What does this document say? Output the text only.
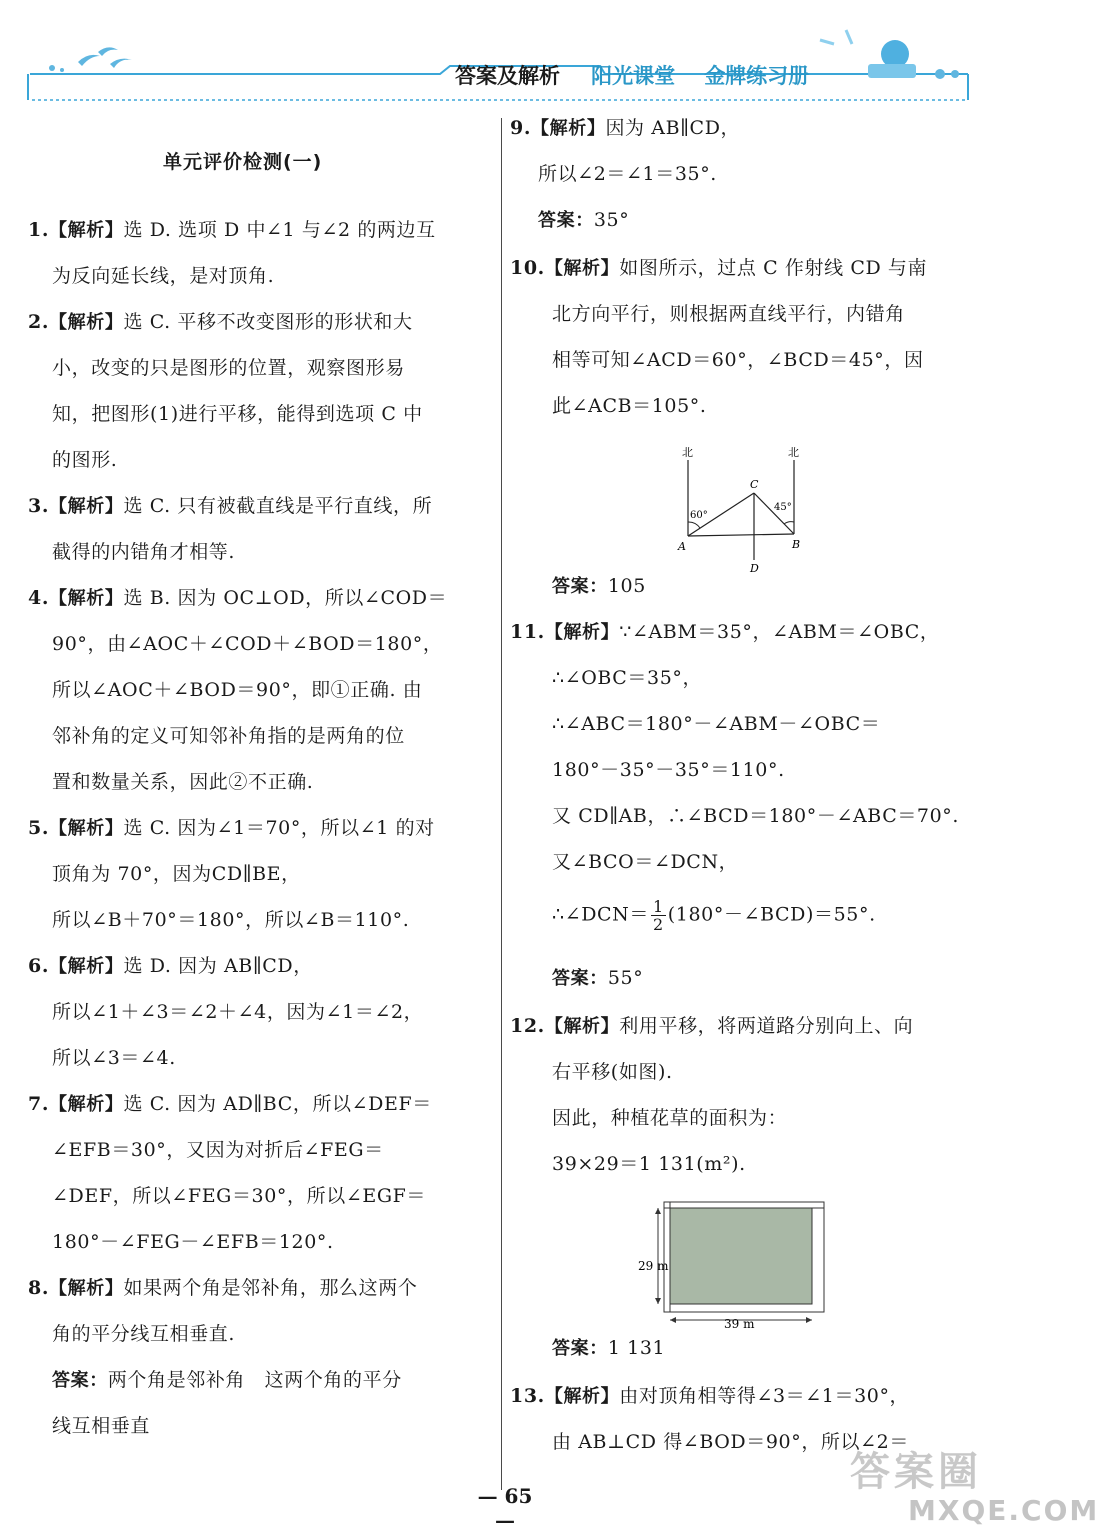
答案及解析 阳光课堂 金牌练习册
单元评价检测(一)
1.【解析】选 D. 选项 D 中∠1 与∠2 的两边互
为反向延长线，是对顶角.
2.【解析】选 C. 平移不改变图形的形状和大
小，改变的只是图形的位置，观察图形易
知，把图形(1)进行平移，能得到选项 C 中
的图形.
3.【解析】选 C. 只有被截直线是平行直线，所
截得的内错角才相等.
4.【解析】选 B. 因为 OC⊥OD，所以∠COD＝
90°，由∠AOC＋∠COD＋∠BOD＝180°，
所以∠AOC＋∠BOD＝90°，即①正确. 由
邻补角的定义可知邻补角指的是两角的位
置和数量关系，因此②不正确.
5.【解析】选 C. 因为∠1＝70°，所以∠1 的对
顶角为 70°，因为CD∥BE，
所以∠B＋70°＝180°，所以∠B＝110°.
6.【解析】选 D. 因为 AB∥CD，
所以∠1＋∠3＝∠2＋∠4，因为∠1＝∠2，
所以∠3＝∠4.
7.【解析】选 C. 因为 AD∥BC，所以∠DEF＝
∠EFB＝30°，又因为对折后∠FEG＝
∠DEF，所以∠FEG＝30°，所以∠EGF＝
180°－∠FEG－∠EFB＝120°.
8.【解析】如果两个角是邻补角，那么这两个
角的平分线互相垂直.
答案：两个角是邻补角　这两个角的平分
线互相垂直
9.【解析】因为 AB∥CD，
所以∠2＝∠1＝35°.
答案：35°
10.【解析】如图所示，过点 C 作射线 CD 与南
北方向平行，则根据两直线平行，内错角
相等可知∠ACD＝60°，∠BCD＝45°，因
此∠ACB＝105°.
北	北
C
A	B
D
60°
45°
答案：105
11.【解析】∵∠ABM＝35°，∠ABM＝∠OBC，
∴∠OBC＝35°，
∴∠ABC＝180°－∠ABM－∠OBC＝
180°－35°－35°＝110°.
又 CD∥AB，∴∠BCD＝180°－∠ABC＝70°.
又∠BCO＝∠DCN，
∴∠DCN＝ $\frac{1}{2}$ (180°－∠BCD)＝55°.
答案：55°
12.【解析】利用平移，将两道路分别向上、向
右平移(如图).
因此，种植花草的面积为：
39×29＝1 131(m²).
29 m
39 m
答案：1 131
13.【解析】由对顶角相等得∠3＝∠1＝30°，
由 AB⊥CD 得∠BOD＝90°，所以∠2＝
— 65 —
答案圈
MXQE.COM
